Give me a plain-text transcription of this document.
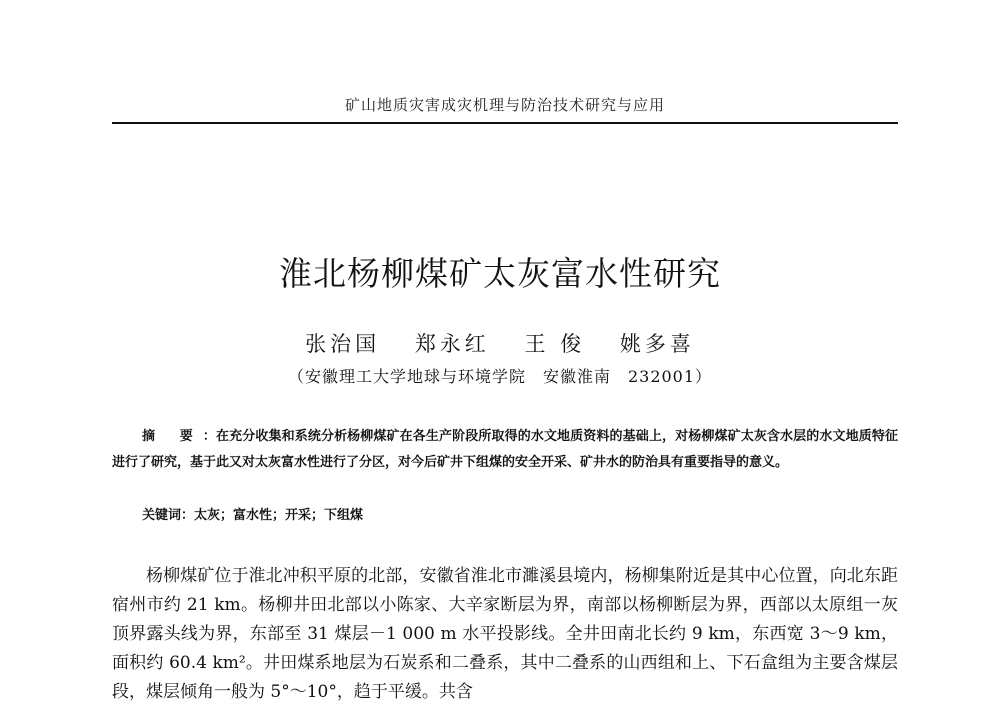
矿山地质灾害成灾机理与防治技术研究与应用
淮北杨柳煤矿太灰富水性研究
张治国 郑永红 王 俊 姚多喜
（安徽理工大学地球与环境学院　安徽淮南　232001）
摘 要：在充分收集和系统分析杨柳煤矿在各生产阶段所取得的水文地质资料的基础上，对杨柳煤矿太灰含水层的水文地质特征进行了研究，基于此又对太灰富水性进行了分区，对今后矿井下组煤的安全开采、矿井水的防治具有重要指导的意义。
关键词：太灰；富水性；开采；下组煤

杨柳煤矿位于淮北冲积平原的北部，安徽省淮北市濉溪县境内，杨柳集附近是其中心位置，向北东距宿州市约 21 km。杨柳井田北部以小陈家、大辛家断层为界，南部以杨柳断层为界，西部以太原组一灰顶界露头线为界，东部至 31 煤层－1 000 m 水平投影线。全井田南北长约 9 km，东西宽 3～9 km，面积约 60.4 km²。井田煤系地层为石炭系和二叠系，其中二叠系的山西组和上、下石盒组为主要含煤层段，煤层倾角一般为 5°～10°，趋于平缓。共含
